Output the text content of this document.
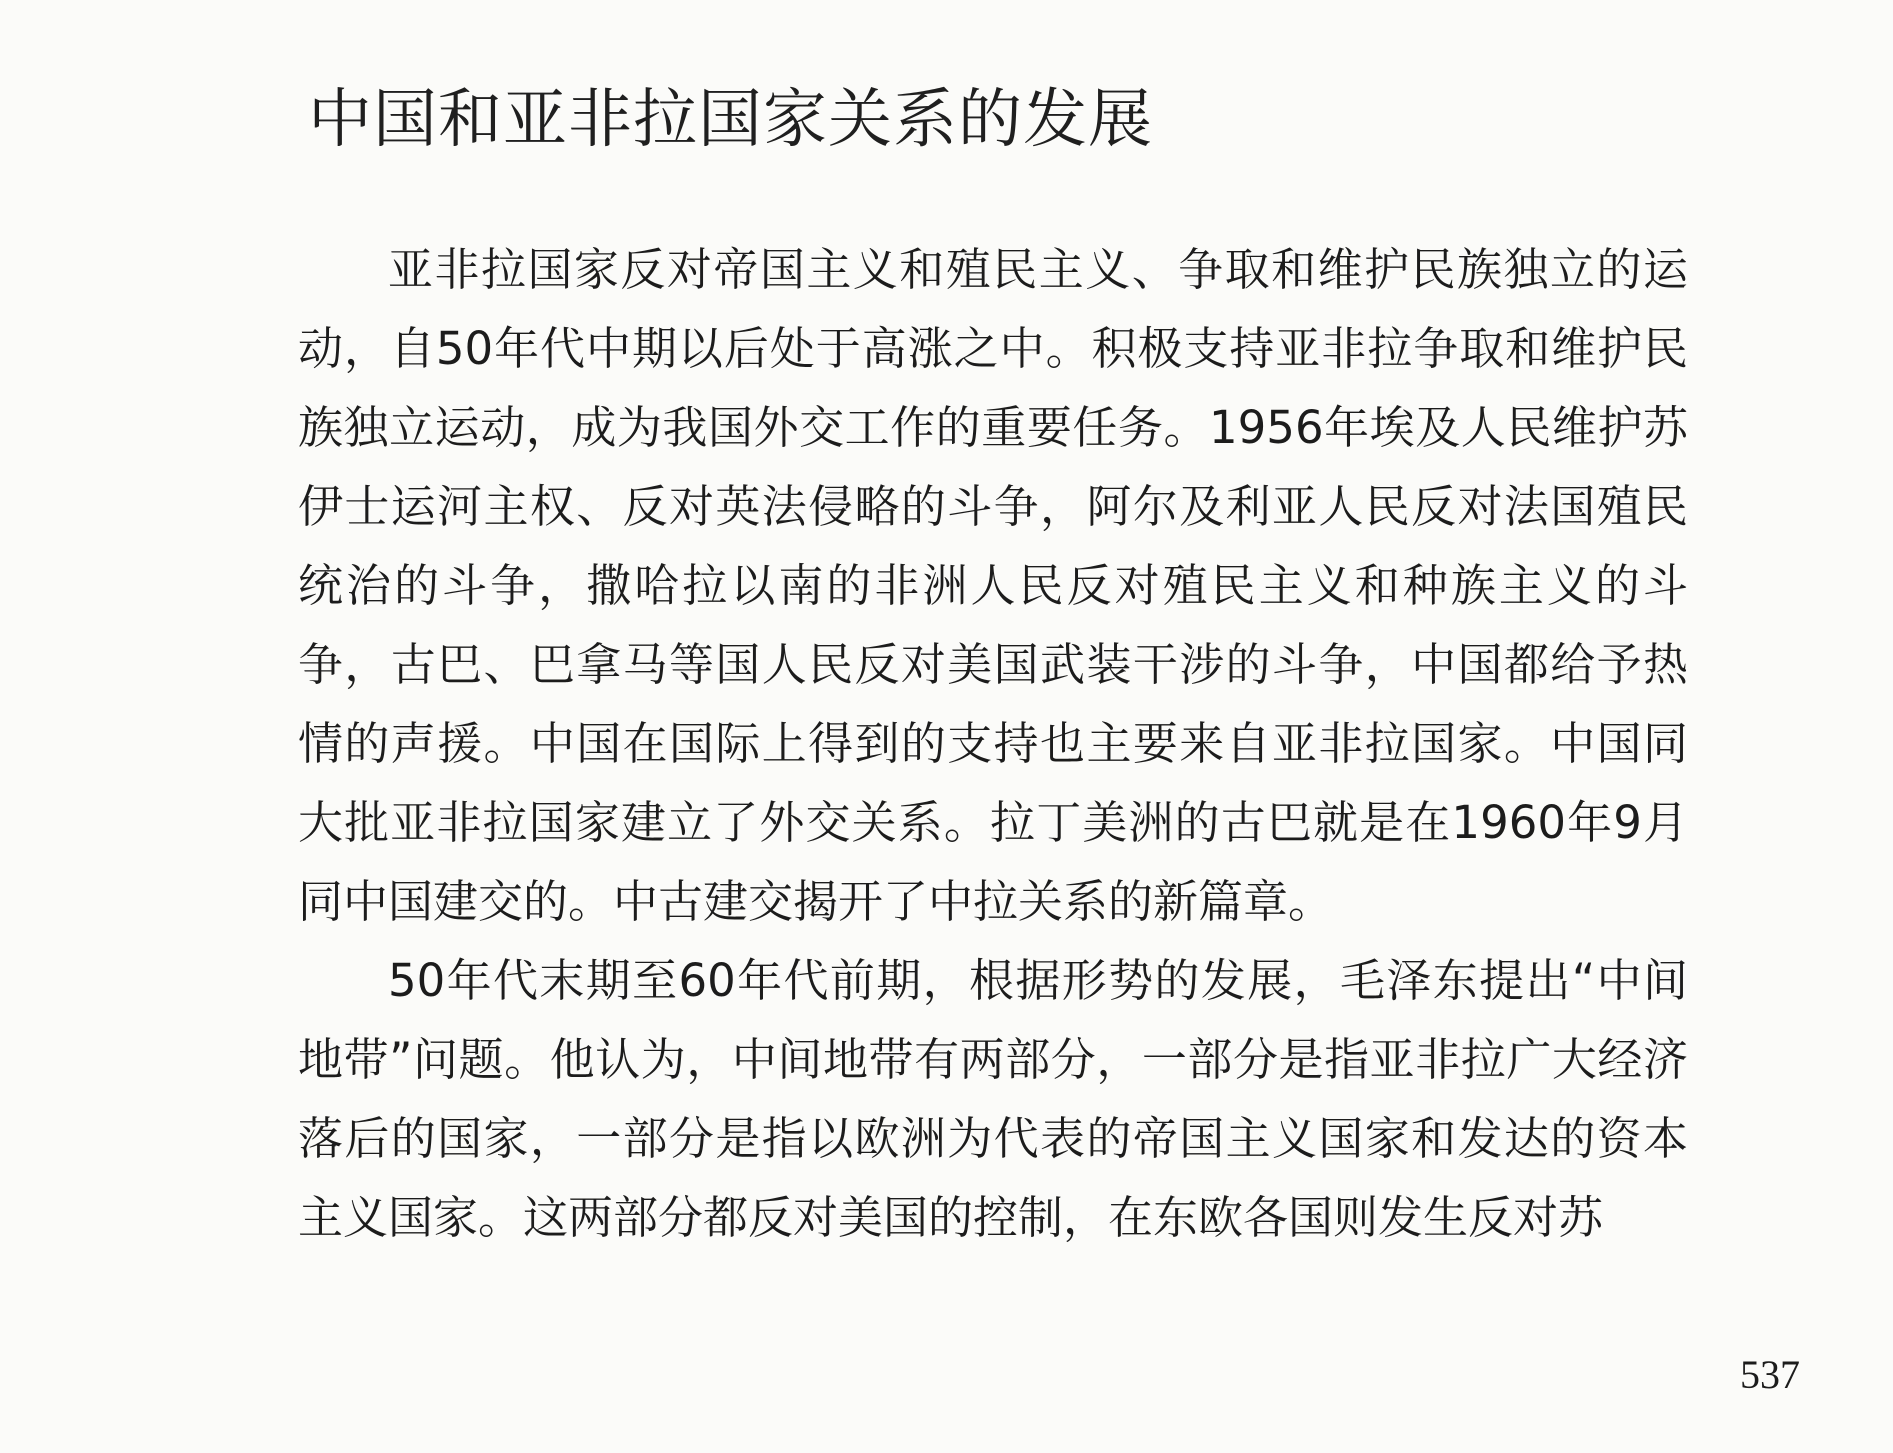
中国和亚非拉国家关系的发展

亚非拉国家反对帝国主义和殖民主义、争取和维护民族独立的运动，自50年代中期以后处于高涨之中。积极支持亚非拉争取和维护民族独立运动，成为我国外交工作的重要任务。1956年埃及人民维护苏伊士运河主权、反对英法侵略的斗争，阿尔及利亚人民反对法国殖民统治的斗争，撒哈拉以南的非洲人民反对殖民主义和种族主义的斗争，古巴、巴拿马等国人民反对美国武装干涉的斗争，中国都给予热情的声援。中国在国际上得到的支持也主要来自亚非拉国家。中国同大批亚非拉国家建立了外交关系。拉丁美洲的古巴就是在1960年9月同中国建交的。中古建交揭开了中拉关系的新篇章。

50年代末期至60年代前期，根据形势的发展，毛泽东提出“中间地带”问题。他认为，中间地带有两部分，一部分是指亚非拉广大经济落后的国家，一部分是指以欧洲为代表的帝国主义国家和发达的资本主义国家。这两部分都反对美国的控制，在东欧各国则发生反对苏

537
